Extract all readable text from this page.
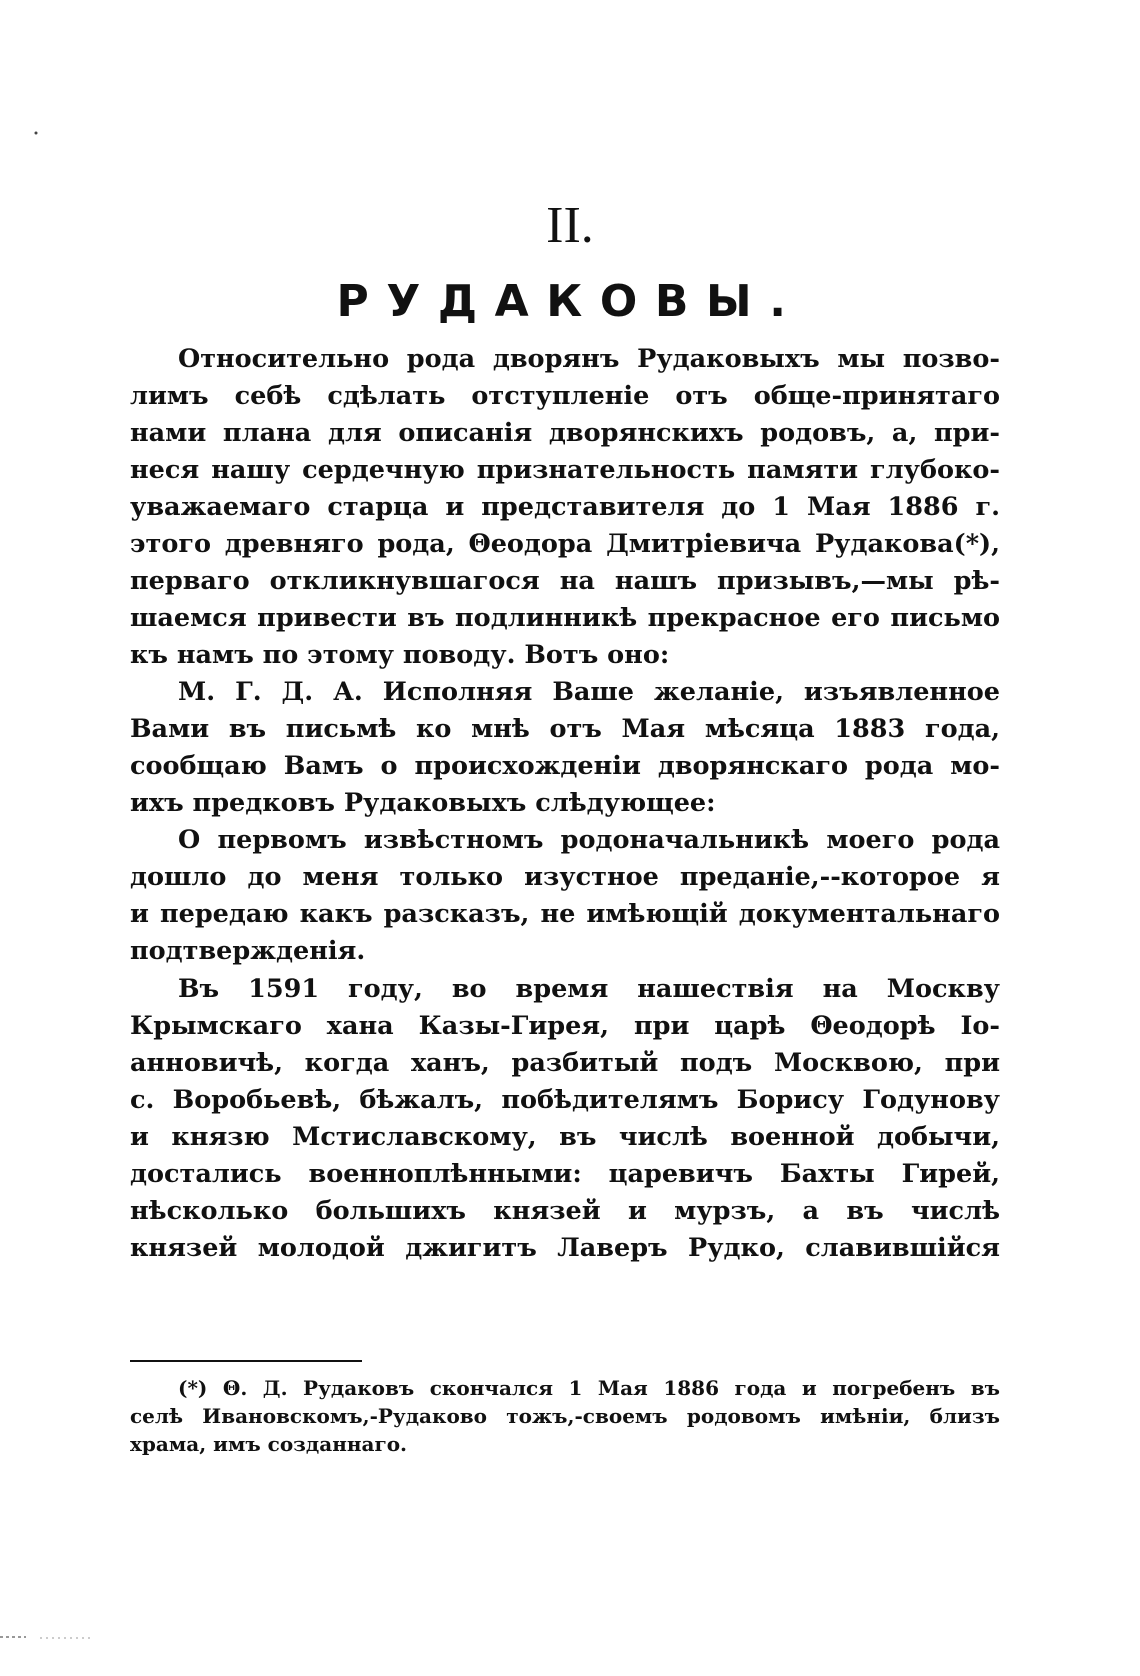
II.
РУДАКОВЫ.
Относительно рода дворянъ Рудаковыхъ мы позво-
лимъ себѣ сдѣлать отступленіе отъ обще-принятаго
нами плана для описанія дворянскихъ родовъ, а, при-
неся нашу сердечную признательность памяти глубоко-
уважаемаго старца и представителя до 1 Мая 1886 г.
этого древняго рода, Θеодора Дмитріевича Рудакова(*),
перваго откликнувшагося на нашъ призывъ,—мы рѣ-
шаемся привести въ подлинникѣ прекрасное его письмо
къ намъ по этому поводу. Вотъ оно:
М. Г. Д. А. Исполняя Ваше желаніе, изъявленное
Вами въ письмѣ ко мнѣ отъ Мая мѣсяца 1883 года,
сообщаю Вамъ о происхожденіи дворянскаго рода мо-
ихъ предковъ Рудаковыхъ слѣдующее:
О первомъ извѣстномъ родоначальникѣ моего рода
дошло до меня только изустное преданіе,--которое я
и передаю какъ разсказъ, не имѣющій документальнаго
подтвержденія.
Въ 1591 году, во время нашествія на Москву
Крымскаго хана Казы-Гирея, при царѣ Θеодорѣ Іо-
анновичѣ, когда ханъ, разбитый подъ Москвою, при
с. Воробьевѣ, бѣжалъ, побѣдителямъ Борису Годунову
и князю Мстиславскому, въ числѣ военной добычи,
достались военноплѣнными: царевичъ Бахты Гирей,
нѣсколько большихъ князей и мурзъ, а въ числѣ
князей молодой джигитъ Лаверъ Рудко, славившійся
(*) Θ. Д. Рудаковъ скончался 1 Мая 1886 года и погребенъ въ
селѣ Ивановскомъ,-Рудаково тожъ,-своемъ родовомъ имѣніи, близъ
храма, имъ созданнаго.
